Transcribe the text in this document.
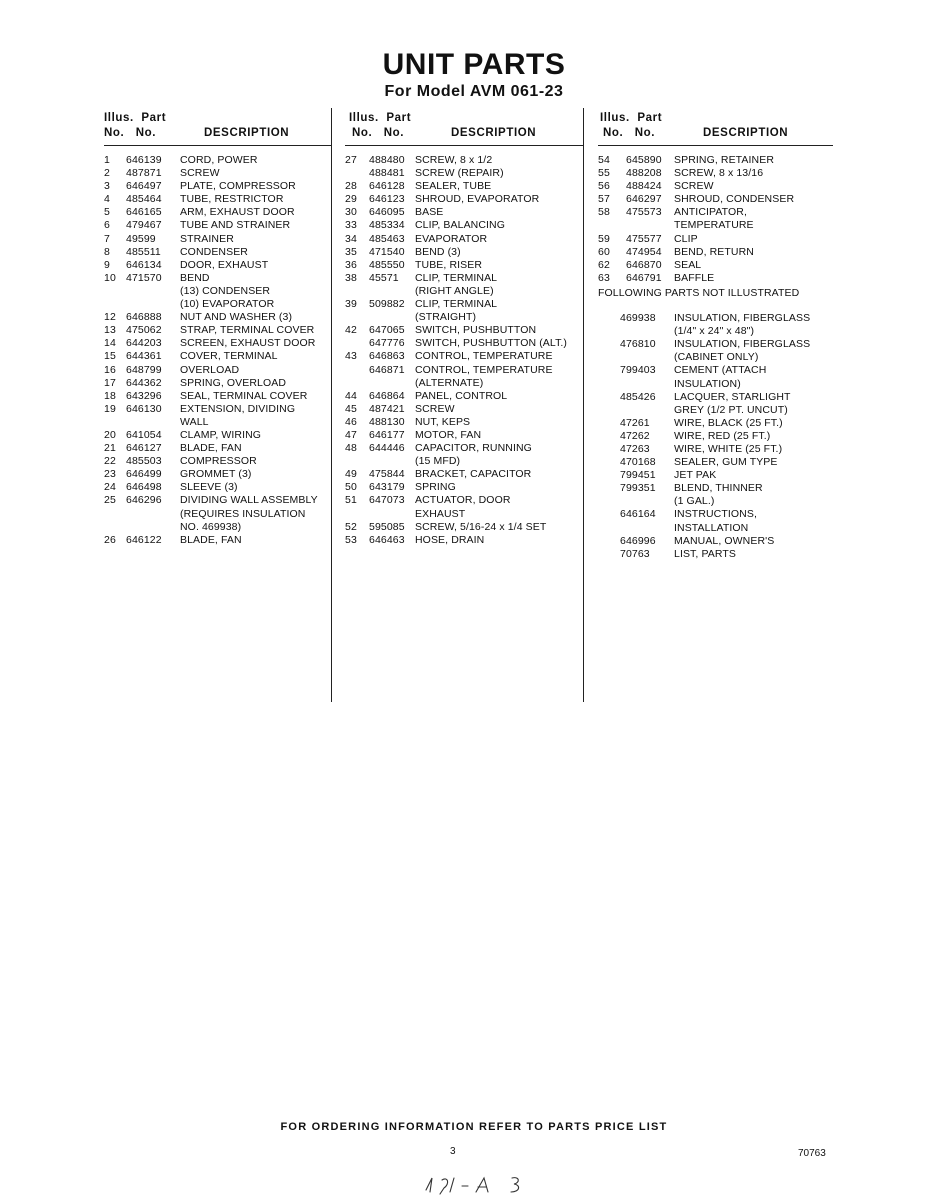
UNIT PARTS
For Model AVM 061-23
Illus. Part
No. No.	DESCRIPTION
1	646139 CORD, POWER
2	487871 SCREW
3	646497 PLATE, COMPRESSOR
4	485464 TUBE, RESTRICTOR
5	646165 ARM, EXHAUST DOOR
6	479467 TUBE AND STRAINER
7	49599 STRAINER
8	485511 CONDENSER
9	646134 DOOR, EXHAUST
10 471570 BEND
(13) CONDENSER
(10) EVAPORATOR
12 646888 NUT AND WASHER (3)
13 475062 STRAP, TERMINAL COVER
14 644203 SCREEN, EXHAUST DOOR
15 644361 COVER, TERMINAL
16 648799 OVERLOAD
17 644362 SPRING, OVERLOAD
18 643296 SEAL, TERMINAL COVER
19 646130 EXTENSION, DIVIDING
WALL
20 641054 CLAMP, WIRING
21 646127 BLADE, FAN
22 485503 COMPRESSOR
23 646499 GROMMET (3)
24 646498 SLEEVE (3)
25 646296 DIVIDING WALL ASSEMBLY
(REQUIRES INSULATION
NO. 469938)
26 646122 BLADE, FAN
Illus. Part
No. No.	DESCRIPTION
27	488480 SCREW, 8 x 1/2
488481 SCREW (REPAIR)
28	646128 SEALER, TUBE
29	646123 SHROUD, EVAPORATOR
30	646095 BASE
33	485334 CLIP, BALANCING
34	485463 EVAPORATOR
35	471540 BEND (3)
36	485550 TUBE, RISER
38	45571 CLIP, TERMINAL
(RIGHT ANGLE)
39	509882 CLIP, TERMINAL
(STRAIGHT)
42	647065 SWITCH, PUSHBUTTON
647776 SWITCH, PUSHBUTTON (ALT.)
43	646863 CONTROL, TEMPERATURE
646871 CONTROL, TEMPERATURE
(ALTERNATE)
44	646864 PANEL, CONTROL
45	487421 SCREW
46	488130 NUT, KEPS
47	646177 MOTOR, FAN
48	644446 CAPACITOR, RUNNING
(15 MFD)
49	475844 BRACKET, CAPACITOR
50	643179 SPRING
51	647073 ACTUATOR, DOOR
EXHAUST
52	595085 SCREW, 5/16-24 x 1/4 SET
53	646463 HOSE, DRAIN
Illus. Part
No. No.	DESCRIPTION
54	645890 SPRING, RETAINER
55	488208 SCREW, 8 x 13/16
56	488424 SCREW
57	646297 SHROUD, CONDENSER
58	475573 ANTICIPATOR,
TEMPERATURE
59	475577 CLIP
60	474954 BEND, RETURN
62	646870 SEAL
63	646791 BAFFLE
FOLLOWING PARTS NOT ILLUSTRATED
469938 INSULATION, FIBERGLASS
(1/4" x 24" x 48")
476810 INSULATION, FIBERGLASS
(CABINET ONLY)
799403 CEMENT (ATTACH
INSULATION)
485426 LACQUER, STARLIGHT
GREY (1/2 PT. UNCUT)
47261 WIRE, BLACK (25 FT.)
47262 WIRE, RED (25 FT.)
47263 WIRE, WHITE (25 FT.)
470168 SEALER, GUM TYPE
799451 JET PAK
799351 BLEND, THINNER
(1 GAL.)
646164 INSTRUCTIONS,
INSTALLATION
646996 MANUAL, OWNER'S
70763 LIST, PARTS
FOR ORDERING INFORMATION REFER TO PARTS PRICE LIST
3	70763
